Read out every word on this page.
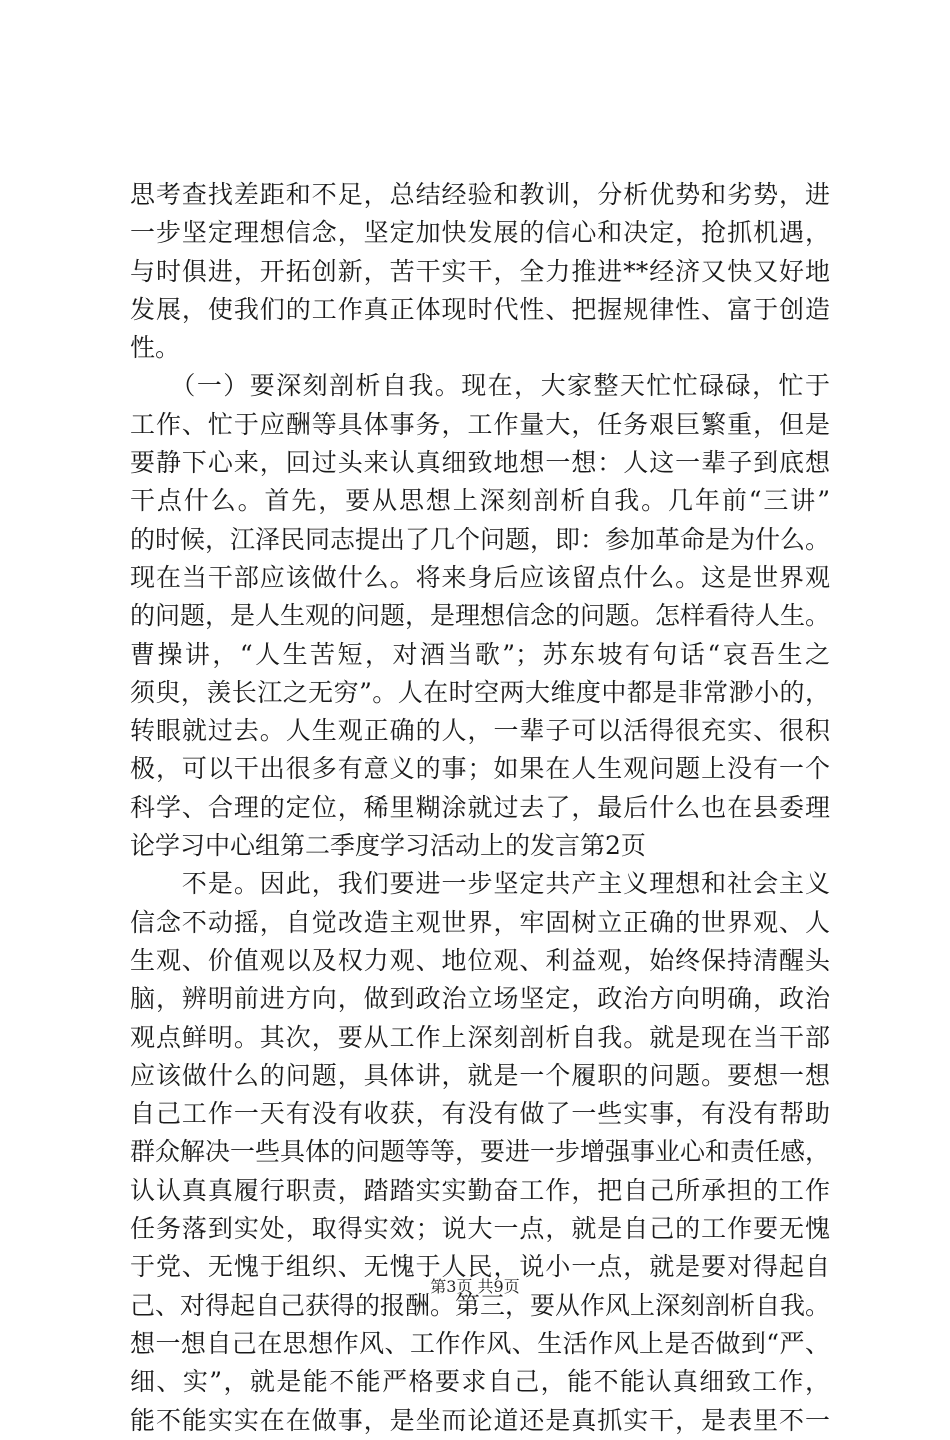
思考查找差距和不足，总结经验和教训，分析优势和劣势，进
一步坚定理想信念，坚定加快发展的信心和决定，抢抓机遇，
与时俱进，开拓创新，苦干实干，全力推进**经济又快又好地
发展，使我们的工作真正体现时代性、把握规律性、富于创造
性。
　　（一）要深刻剖析自我。现在，大家整天忙忙碌碌，忙于
工作、忙于应酬等具体事务，工作量大，任务艰巨繁重，但是
要静下心来，回过头来认真细致地想一想：人这一辈子到底想
干点什么。首先，要从思想上深刻剖析自我。几年前“三讲”
的时候，江泽民同志提出了几个问题，即：参加革命是为什么。
现在当干部应该做什么。将来身后应该留点什么。这是世界观
的问题，是人生观的问题，是理想信念的问题。怎样看待人生。
曹操讲，“人生苦短，对酒当歌”；苏东坡有句话“哀吾生之
须臾，羡长江之无穷”。人在时空两大维度中都是非常渺小的，
转眼就过去。人生观正确的人，一辈子可以活得很充实、很积
极，可以干出很多有意义的事；如果在人生观问题上没有一个
科学、合理的定位，稀里糊涂就过去了，最后什么也在县委理
论学习中心组第二季度学习活动上的发言第2页
　　不是。因此，我们要进一步坚定共产主义理想和社会主义
信念不动摇，自觉改造主观世界，牢固树立正确的世界观、人
生观、价值观以及权力观、地位观、利益观，始终保持清醒头
脑，辨明前进方向，做到政治立场坚定，政治方向明确，政治
观点鲜明。其次，要从工作上深刻剖析自我。就是现在当干部
应该做什么的问题，具体讲，就是一个履职的问题。要想一想
自己工作一天有没有收获，有没有做了一些实事，有没有帮助
群众解决一些具体的问题等等，要进一步增强事业心和责任感，
认认真真履行职责，踏踏实实勤奋工作，把自己所承担的工作
任务落到实处，取得实效；说大一点，就是自己的工作要无愧
于党、无愧于组织、无愧于人民，说小一点，就是要对得起自
己、对得起自己获得的报酬。第三，要从作风上深刻剖析自我。
想一想自己在思想作风、工作作风、生活作风上是否做到“严、
细、实”，就是能不能严格要求自己，能不能认真细致工作，
能不能实实在在做事，是坐而论道还是真抓实干，是表里不一
第3页 共9页
